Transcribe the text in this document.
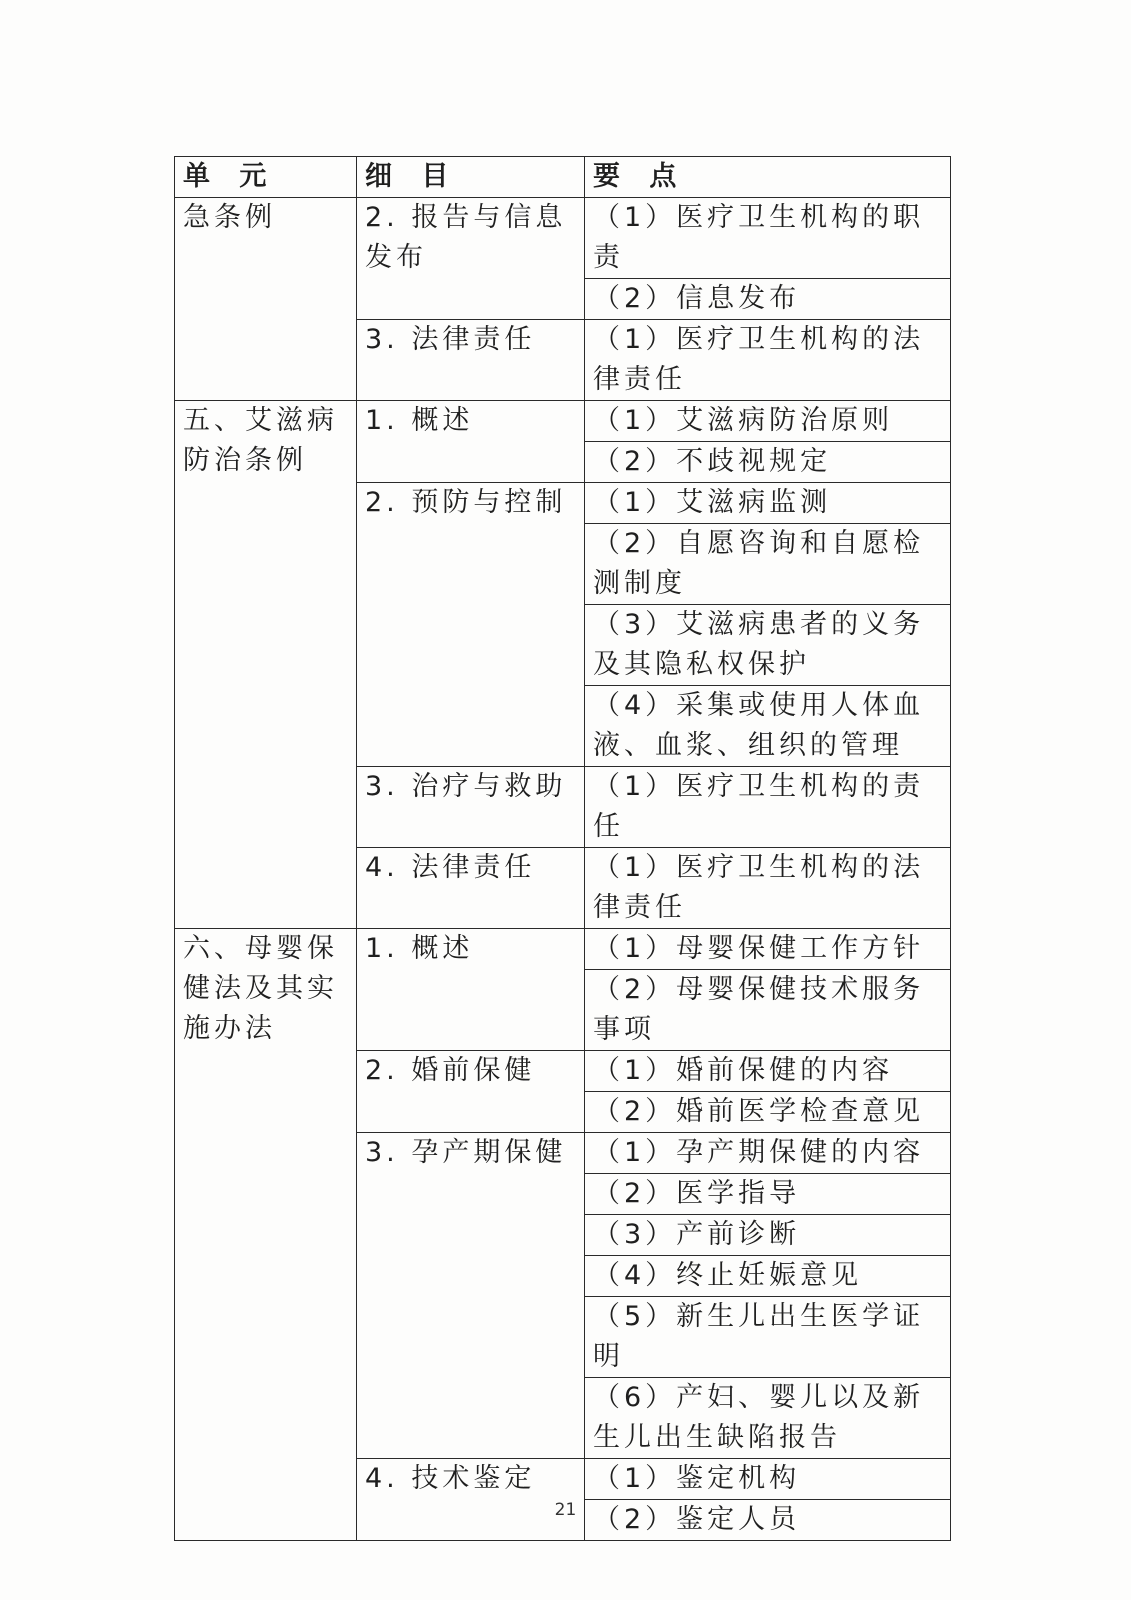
单 元	细 目	要 点
急条例	2. 报告与信息发布	（1）医疗卫生机构的职责
		（2）信息发布
	3. 法律责任	（1）医疗卫生机构的法律责任

五、艾滋病防治条例	1. 概述	（1）艾滋病防治原则
		（2）不歧视规定
	2. 预防与控制	（1）艾滋病监测
		（2）自愿咨询和自愿检测制度
		（3）艾滋病患者的义务及其隐私权保护
		（4）采集或使用人体血液、血浆、组织的管理
	3. 治疗与救助	（1）医疗卫生机构的责任
	4. 法律责任	（1）医疗卫生机构的法律责任

六、母婴保健法及其实施办法	1. 概述	（1）母婴保健工作方针
		（2）母婴保健技术服务事项
	2. 婚前保健	（1）婚前保健的内容
		（2）婚前医学检查意见
	3. 孕产期保健	（1）孕产期保健的内容
		（2）医学指导
		（3）产前诊断
		（4）终止妊娠意见
		（5）新生儿出生医学证明
		（6）产妇、婴儿以及新生儿出生缺陷报告
	4. 技术鉴定	（1）鉴定机构
		（2）鉴定人员
21
